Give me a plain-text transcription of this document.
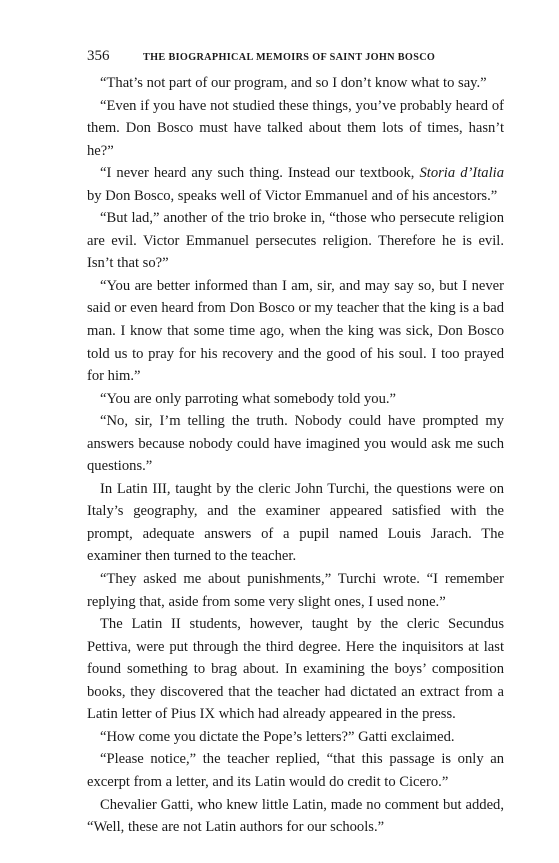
356	THE BIOGRAPHICAL MEMOIRS OF SAINT JOHN BOSCO

“That’s not part of our program, and so I don’t know what to say.”

“Even if you have not studied these things, you’ve probably heard of them. Don Bosco must have talked about them lots of times, hasn’t he?”

“I never heard any such thing. Instead our textbook, Storia d’Italia by Don Bosco, speaks well of Victor Emmanuel and of his ancestors.”

“But lad,” another of the trio broke in, “those who persecute religion are evil. Victor Emmanuel persecutes religion. Therefore he is evil. Isn’t that so?”

“You are better informed than I am, sir, and may say so, but I never said or even heard from Don Bosco or my teacher that the king is a bad man. I know that some time ago, when the king was sick, Don Bosco told us to pray for his recovery and the good of his soul. I too prayed for him.”

“You are only parroting what somebody told you.”

“No, sir, I’m telling the truth. Nobody could have prompted my answers because nobody could have imagined you would ask me such questions.”

In Latin III, taught by the cleric John Turchi, the questions were on Italy’s geography, and the examiner appeared satisfied with the prompt, adequate answers of a pupil named Louis Jarach. The examiner then turned to the teacher.

“They asked me about punishments,” Turchi wrote. “I remember replying that, aside from some very slight ones, I used none.”

The Latin II students, however, taught by the cleric Secundus Pettiva, were put through the third degree. Here the inquisitors at last found something to brag about. In examining the boys’ composition books, they discovered that the teacher had dictated an extract from a Latin letter of Pius IX which had already appeared in the press.

“How come you dictate the Pope’s letters?” Gatti exclaimed.

“Please notice,” the teacher replied, “that this passage is only an excerpt from a letter, and its Latin would do credit to Cicero.”

Chevalier Gatti, who knew little Latin, made no comment but added, “Well, these are not Latin authors for our schools.”
